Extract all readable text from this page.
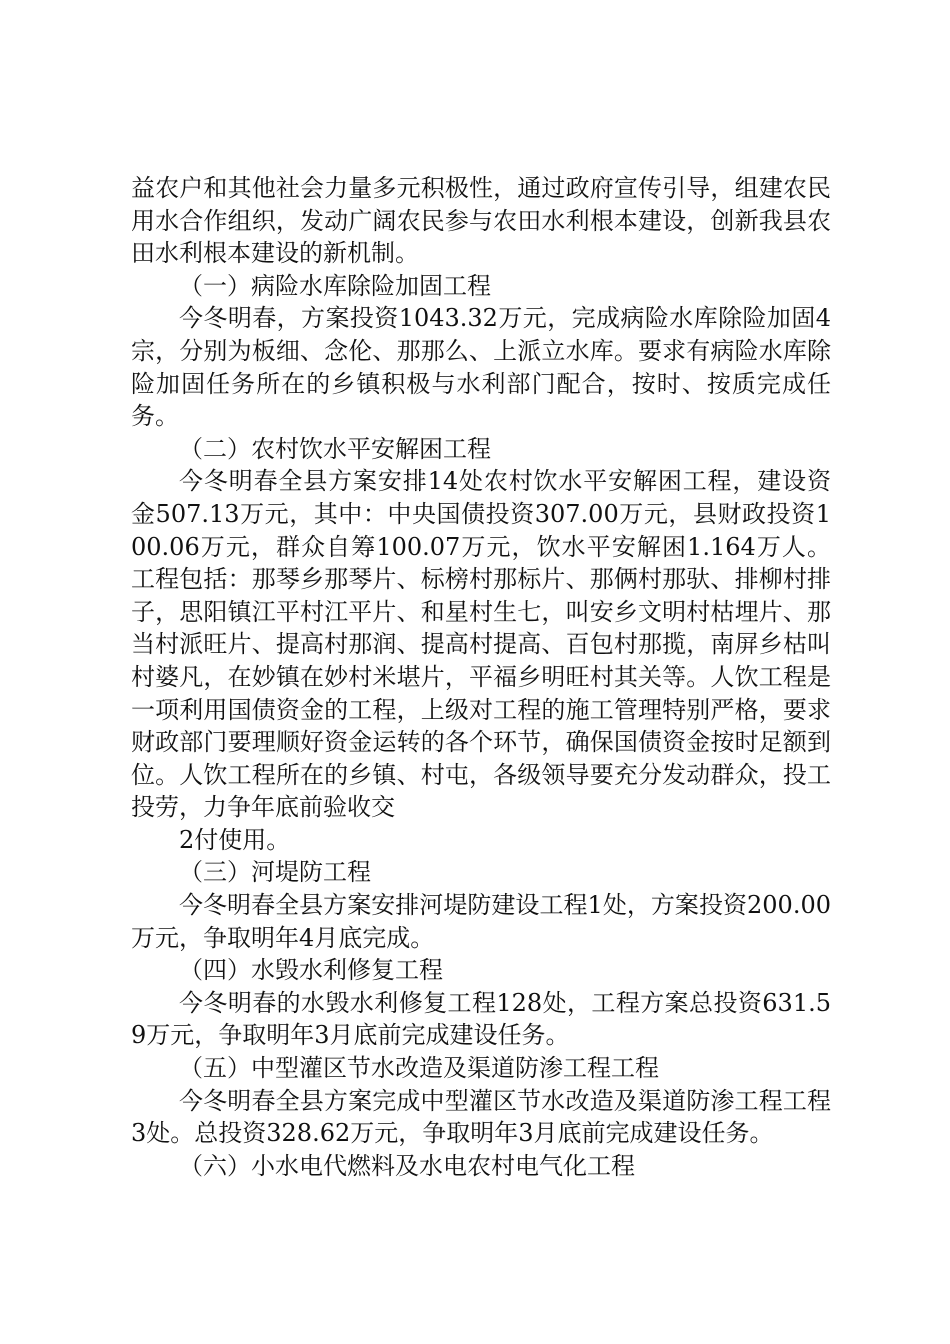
益农户和其他社会力量多元积极性，通过政府宣传引导，组建农民用水合作组织，发动广阔农民参与农田水利根本建设，创新我县农田水利根本建设的新机制。

（一）病险水库除险加固工程

今冬明春，方案投资1043.32万元，完成病险水库除险加固4宗，分别为板细、念伦、那那么、上派立水库。要求有病险水库除险加固任务所在的乡镇积极与水利部门配合，按时、按质完成任务。

（二）农村饮水平安解困工程

今冬明春全县方案安排14处农村饮水平安解困工程，建设资金507.13万元，其中：中央国债投资307.00万元，县财政投资100.06万元，群众自筹100.07万元，饮水平安解困1.164万人。工程包括：那琴乡那琴片、标榜村那标片、那俩村那驮、排柳村排子，思阳镇江平村江平片、和星村生七，叫安乡文明村枯埋片、那当村派旺片、提高村那润、提高村提高、百包村那揽，南屏乡枯叫村婆凡，在妙镇在妙村米堪片，平福乡明旺村其关等。人饮工程是一项利用国债资金的工程，上级对工程的施工管理特别严格，要求财政部门要理顺好资金运转的各个环节，确保国债资金按时足额到位。人饮工程所在的乡镇、村屯，各级领导要充分发动群众，投工投劳，力争年底前验收交

2付使用。

（三）河堤防工程

今冬明春全县方案安排河堤防建设工程1处，方案投资200.00万元，争取明年4月底完成。

（四）水毁水利修复工程

今冬明春的水毁水利修复工程128处，工程方案总投资631.59万元，争取明年3月底前完成建设任务。

（五）中型灌区节水改造及渠道防渗工程工程

今冬明春全县方案完成中型灌区节水改造及渠道防渗工程工程3处。总投资328.62万元，争取明年3月底前完成建设任务。

（六）小水电代燃料及水电农村电气化工程
